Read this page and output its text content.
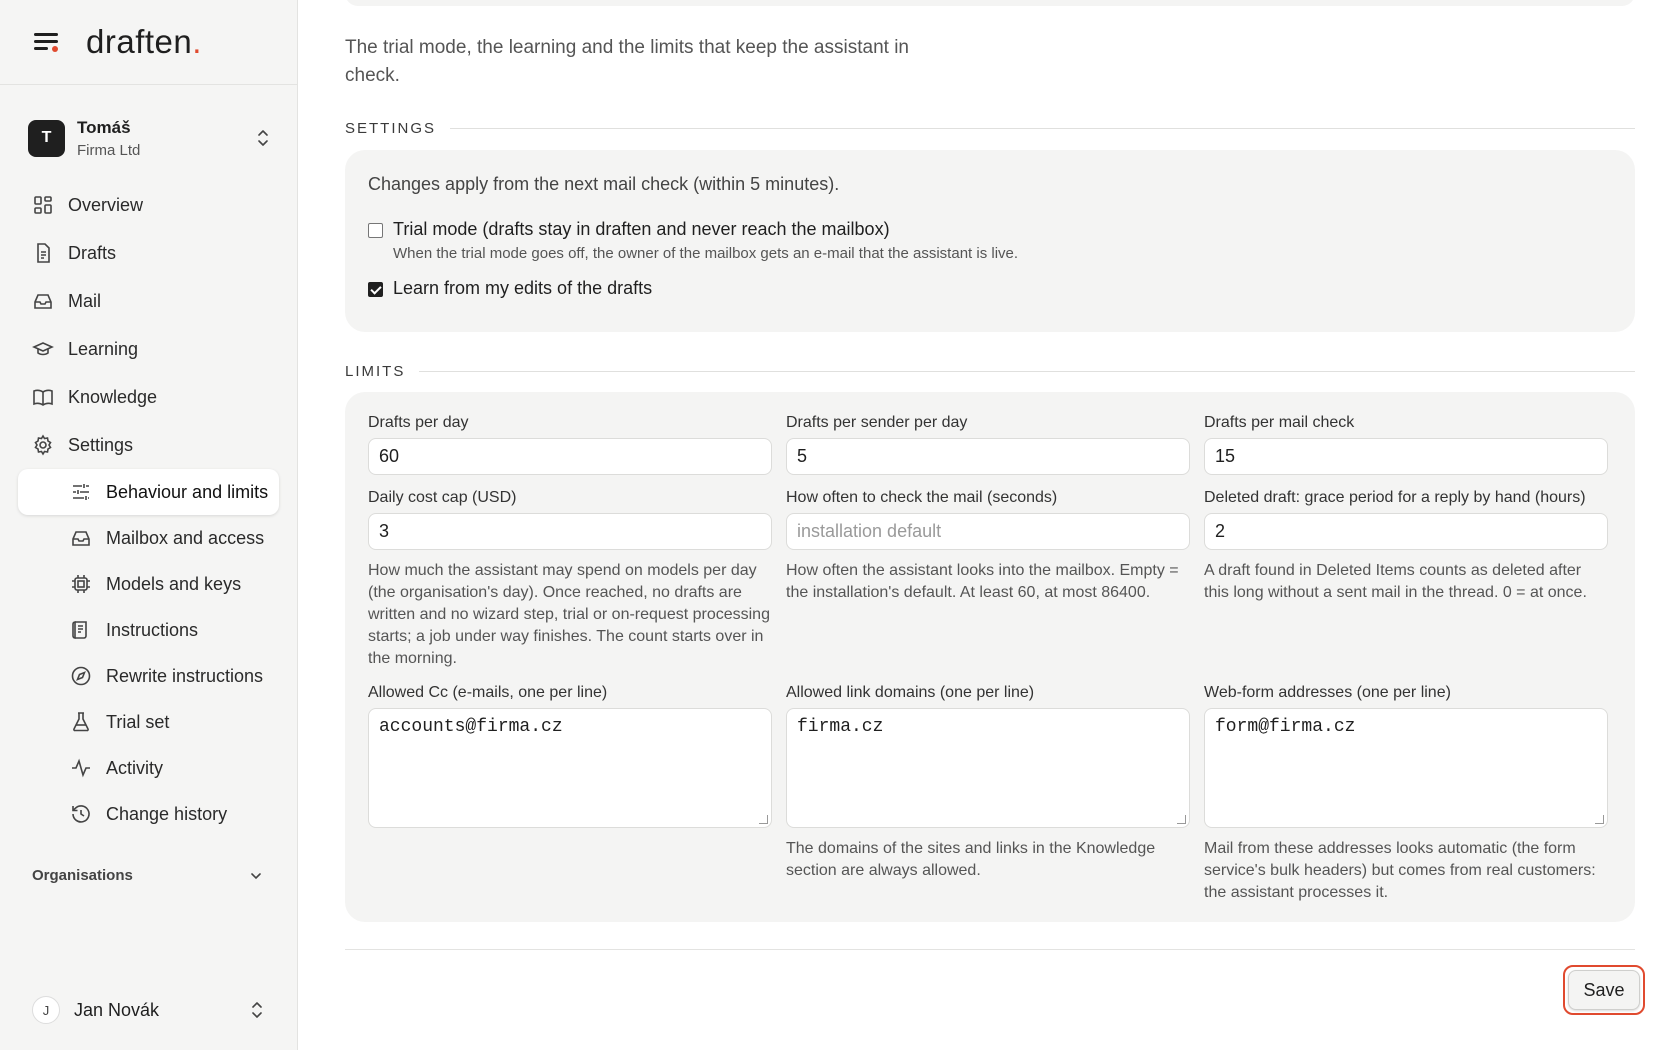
draften.
T
Tomáš
Firma Ltd
Overview
Drafts
Mail
Learning
Knowledge
Settings
Behaviour and limits
Mailbox and access
Models and keys
Instructions
Rewrite instructions
Trial set
Activity
Change history
Organisations
J	Jan Novák

The trial mode, the learning and the limits that keep the assistant in check.

SETTINGS
Changes apply from the next mail check (within 5 minutes).
Trial mode (drafts stay in draften and never reach the mailbox)
When the trial mode goes off, the owner of the mailbox gets an e-mail that the assistant is live.
Learn from my edits of the drafts
LIMITS
Drafts per day
60
Drafts per sender per day
5
Drafts per mail check
15
Daily cost cap (USD)
3
How much the assistant may spend on models per day (the organisation's day). Once reached, no drafts are written and no wizard step, trial or on-request processing starts; a job under way finishes. The count starts over in the morning.
How often to check the mail (seconds)
installation default
How often the assistant looks into the mailbox. Empty = the installation's default. At least 60, at most 86400.
Deleted draft: grace period for a reply by hand (hours)
2
A draft found in Deleted Items counts as deleted after this long without a sent mail in the thread. 0 = at once.
Allowed Cc (e-mails, one per line)
accounts@firma.cz
Allowed link domains (one per line)
firma.cz
The domains of the sites and links in the Knowledge section are always allowed.
Web-form addresses (one per line)
form@firma.cz
Mail from these addresses looks automatic (the form service's bulk headers) but comes from real customers: the assistant processes it.
Save
